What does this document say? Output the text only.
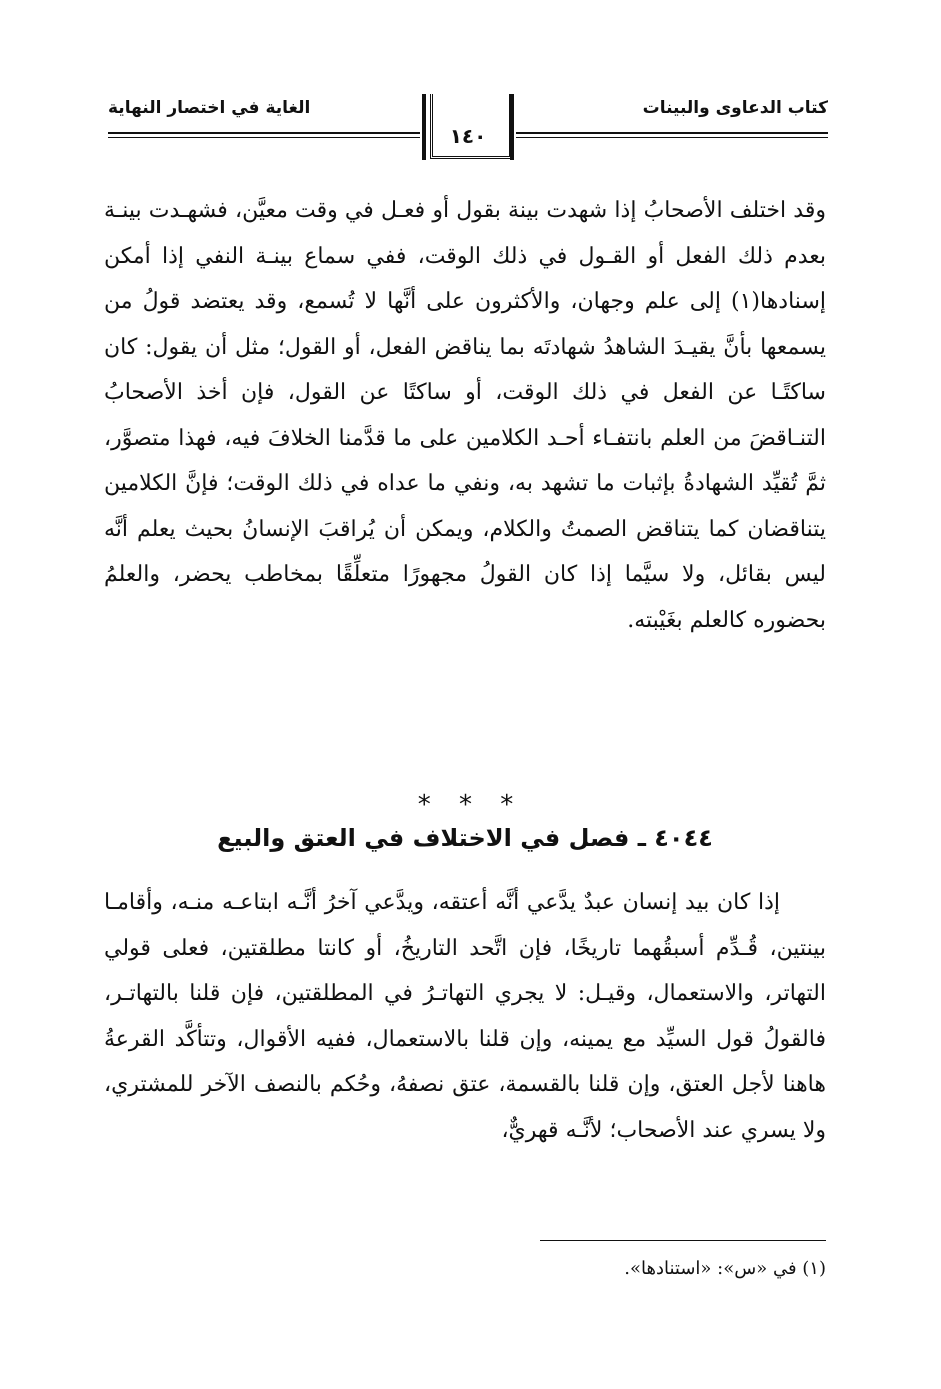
كتاب الدعاوى والبينات
الغاية في اختصار النهاية
١٤٠
وقد اختلف الأصحابُ إذا شهدت بينة بقول أو فعـل في وقت معيَّن، فشهـدت بينـة بعدم ذلك الفعل أو القـول في ذلك الوقت، ففي سماع بينـة النفي إذا أمكن إسنادها(١) إلى علم وجهان، والأكثرون على أنَّها لا تُسمع، وقد يعتضد قولُ من يسمعها بأنَّ يقيـدَ الشاهدُ شهادتَه بما يناقض الفعل، أو القول؛ مثل أن يقول: كان ساكتًـا عن الفعل في ذلك الوقت، أو ساكتًا عن القول، فإن أخذ الأصحابُ التنـاقضَ من العلم بانتفـاء أحـد الكلامين على ما قدَّمنا الخلافَ فيه، فهذا متصوَّر، ثمَّ تُقيِّد الشهادةُ بإثبات ما تشهد به، ونفي ما عداه في ذلك الوقت؛ فإنَّ الكلامين يتناقضان كما يتناقض الصمتُ والكلام، ويمكن أن يُراقبَ الإنسانُ بحيث يعلم أنَّه ليس بقائل، ولا سيَّما إذا كان القولُ مجهورًا متعلِّقًا بمخاطب يحضر، والعلمُ بحضوره كالعلم بغَيْبته.
* * *
٤٠٤٤ ـ فصل في الاختلاف في العتق والبيع
إذا كان بيد إنسان عبدٌ يدَّعي أنَّه أعتقه، ويدَّعي آخرُ أنَّـه ابتاعـه منـه، وأقامـا بينتين، قُـدِّم أسبقُهما تاريخًا، فإن اتَّحد التاريخُ، أو كانتا مطلقتين، فعلى قولي التهاتر، والاستعمال، وقيـل: لا يجري التهاتـرُ في المطلقتين، فإن قلنا بالتهاتـر، فالقولُ قول السيِّد مع يمينه، وإن قلنا بالاستعمال، ففيه الأقوال، وتتأكَّد القرعةُ هاهنا لأجل العتق، وإن قلنا بالقسمة، عتق نصفهُ، وحُكم بالنصف الآخر للمشتري، ولا يسري عند الأصحاب؛ لأنَّـه قهريٌّ،
(١) في «س»: «استنادها».
